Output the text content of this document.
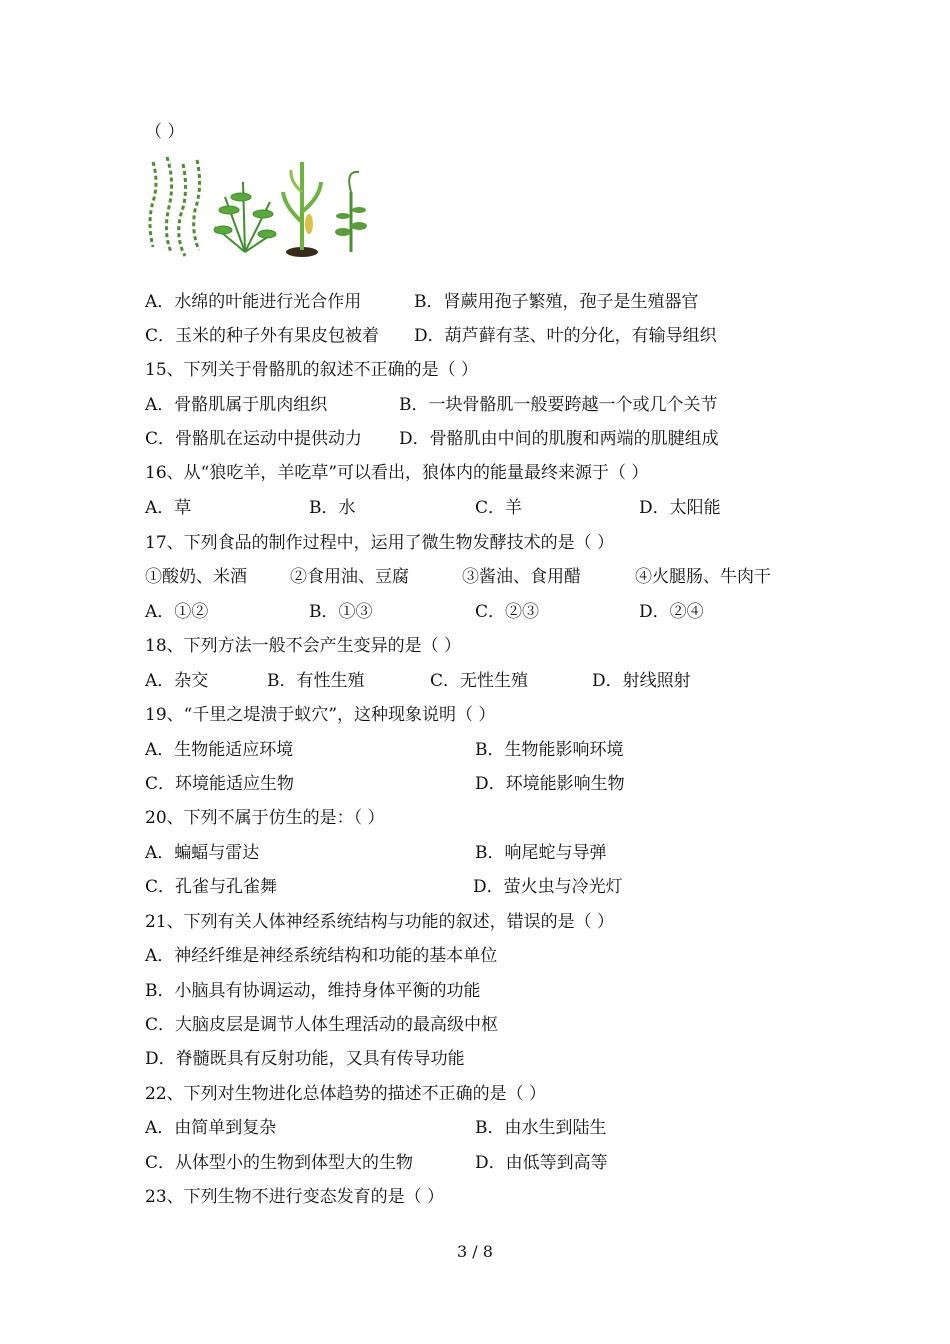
（ ）
A．水绵的叶能进行光合作用	B．肾蕨用孢子繁殖，孢子是生殖器官
C．玉米的种子外有果皮包被着 D．葫芦藓有茎、叶的分化，有输导组织
15、下列关于骨骼肌的叙述不正确的是（ ）
A．骨骼肌属于肌肉组织	B．一块骨骼肌一般要跨越一个或几个关节
C．骨骼肌在运动中提供动力 D．骨骼肌由中间的肌腹和两端的肌腱组成
16、从“狼吃羊，羊吃草”可以看出，狼体内的能量最终来源于（ ）
A．草	B．水	C．羊	D．太阳能
17、下列食品的制作过程中，运用了微生物发酵技术的是（ ）
①酸奶、米酒	②食用油、豆腐	③酱油、食用醋	④火腿肠、牛肉干
A．①②	B．①③	C．②③	D．②④
18、下列方法一般不会产生变异的是（ ）
A．杂交	B．有性生殖	C．无性生殖	D．射线照射
19、“千里之堤溃于蚁穴”，这种现象说明（ ）
A．生物能适应环境	B．生物能影响环境
C．环境能适应生物	D．环境能影响生物
20、下列不属于仿生的是：（ ）
A．蝙蝠与雷达	B．响尾蛇与导弹
C．孔雀与孔雀舞	D．萤火虫与冷光灯
21、下列有关人体神经系统结构与功能的叙述，错误的是（ ）
A．神经纤维是神经系统结构和功能的基本单位
B．小脑具有协调运动，维持身体平衡的功能
C．大脑皮层是调节人体生理活动的最高级中枢
D．脊髓既具有反射功能，又具有传导功能
22、下列对生物进化总体趋势的描述不正确的是（ ）
A．由简单到复杂	B．由水生到陆生
C．从体型小的生物到体型大的生物	D．由低等到高等
23、下列生物不进行变态发育的是（ ）
3 / 8
